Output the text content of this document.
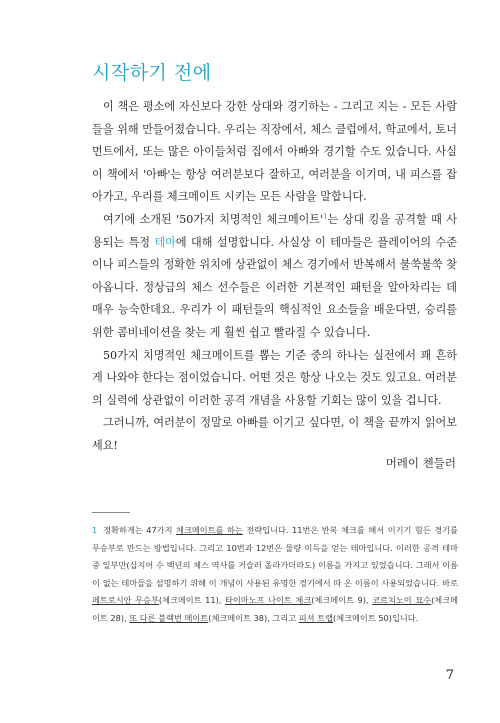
시작하기 전에

이 책은 평소에 자신보다 강한 상대와 경기하는 - 그리고 지는 - 모든 사람들을 위해 만들어졌습니다. 우리는 직장에서, 체스 클럽에서, 학교에서, 토너먼트에서, 또는 많은 아이들처럼 집에서 아빠와 경기할 수도 있습니다. 사실 이 책에서 '아빠'는 항상 여러분보다 잘하고, 여러분을 이기며, 내 피스를 잡아가고, 우리를 체크메이트 시키는 모든 사람을 말합니다.

여기에 소개된 '50가지 치명적인 체크메이트'$^1$는 상대 킹을 공격할 때 사용되는 특정 테마에 대해 설명합니다. 사실상 이 테마들은 플레이어의 수준이나 피스들의 정확한 위치에 상관없이 체스 경기에서 반복해서 불쑥불쑥 찾아옵니다. 정상급의 체스 선수들은 이러한 기본적인 패턴을 알아차리는 데 매우 능숙한데요. 우리가 이 패턴들의 핵심적인 요소들을 배운다면, 승리를 위한 콤비네이션을 찾는 게 훨씬 쉽고 빨라질 수 있습니다.

50가지 치명적인 체크메이트를 뽑는 기준 중의 하나는 실전에서 꽤 흔하게 나와야 한다는 점이었습니다. 어떤 것은 항상 나오는 것도 있고요. 여러분의 실력에 상관없이 이러한 공격 개념을 사용할 기회는 많이 있을 겁니다.

그러니까, 여러분이 정말로 아빠를 이기고 싶다면, 이 책을 끝까지 읽어보세요!

머레이 첸들러
1 정확하게는 47가지 체크메이트를 하는 전략입니다. 11번은 반복 체크를 해서 이기기 힘든 경기를 무승부로 만드는 방법입니다. 그리고 10번과 12번은 물량 이득을 얻는 테마입니다. 이러한 공격 테마 중 일부만(십지어 수 백년의 체스 역사를 거슬러 올라가더라도) 이름을 가지고 있었습니다. 그래서 이름이 없는 테마들을 설명하기 위해 이 개념이 사용된 유명한 경기에서 따 온 이름이 사용되었습니다. 바로 페트로시안 무승부(체크메이트 11), 타이마노프 나이트 체크(체크메이트 9), 코르치노이 묘수(체크메이트 28), 또 다른 블랙번 메이트(체크메이트 38), 그리고 피셔 트랩(체크메이트 50)입니다.
7
